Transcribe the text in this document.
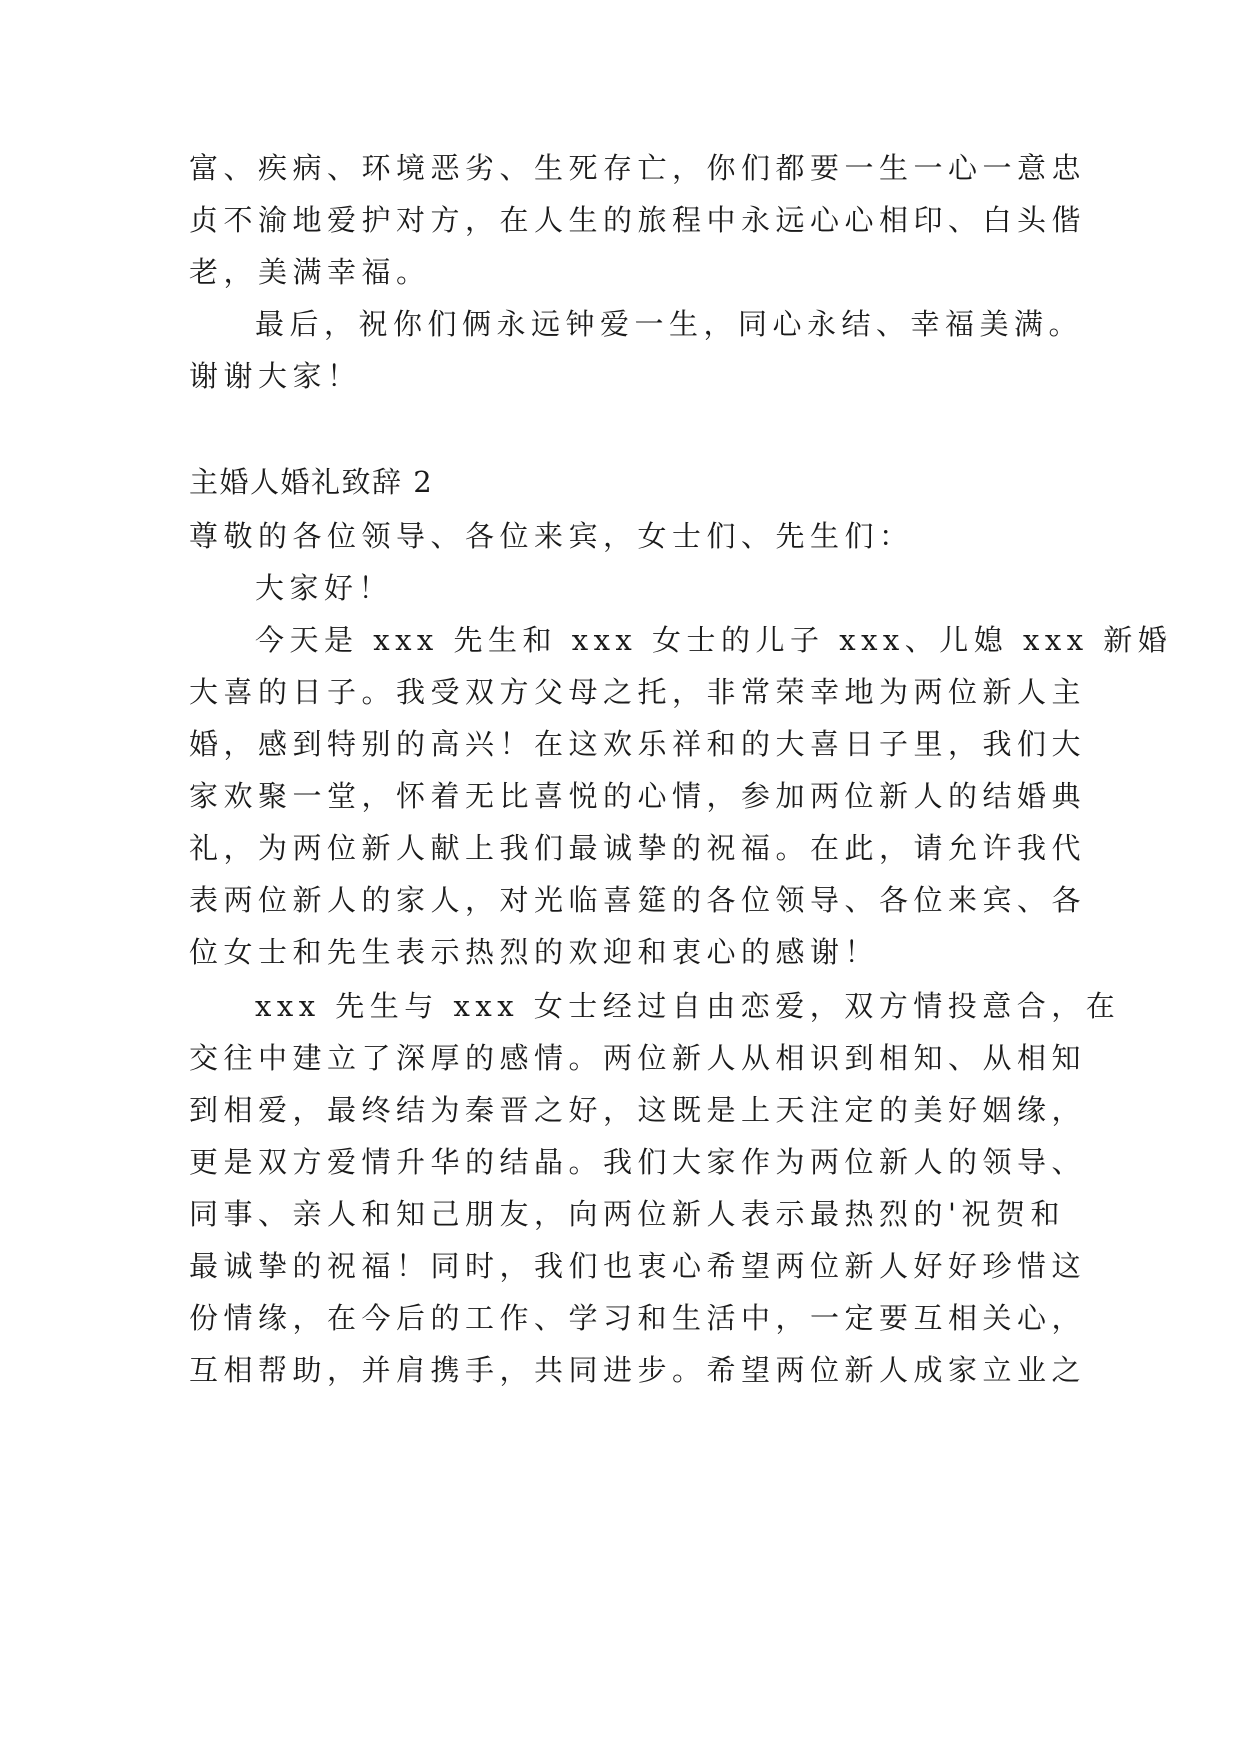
富、疾病、环境恶劣、生死存亡，你们都要一生一心一意忠
贞不渝地爱护对方，在人生的旅程中永远心心相印、白头偕
老，美满幸福。
最后，祝你们俩永远钟爱一生，同心永结、幸福美满。
谢谢大家！
主婚人婚礼致辞 2
尊敬的各位领导、各位来宾，女士们、先生们：
大家好！
今天是 xxx 先生和 xxx 女士的儿子 xxx、儿媳 xxx 新婚
大喜的日子。我受双方父母之托，非常荣幸地为两位新人主
婚，感到特别的高兴！在这欢乐祥和的大喜日子里，我们大
家欢聚一堂，怀着无比喜悦的心情，参加两位新人的结婚典
礼，为两位新人献上我们最诚挚的祝福。在此，请允许我代
表两位新人的家人，对光临喜筵的各位领导、各位来宾、各
位女士和先生表示热烈的欢迎和衷心的感谢！
xxx 先生与 xxx 女士经过自由恋爱，双方情投意合，在
交往中建立了深厚的感情。两位新人从相识到相知、从相知
到相爱，最终结为秦晋之好，这既是上天注定的美好姻缘，
更是双方爱情升华的结晶。我们大家作为两位新人的领导、
同事、亲人和知己朋友，向两位新人表示最热烈的'祝贺和
最诚挚的祝福！同时，我们也衷心希望两位新人好好珍惜这
份情缘，在今后的工作、学习和生活中，一定要互相关心，
互相帮助，并肩携手，共同进步。希望两位新人成家立业之
